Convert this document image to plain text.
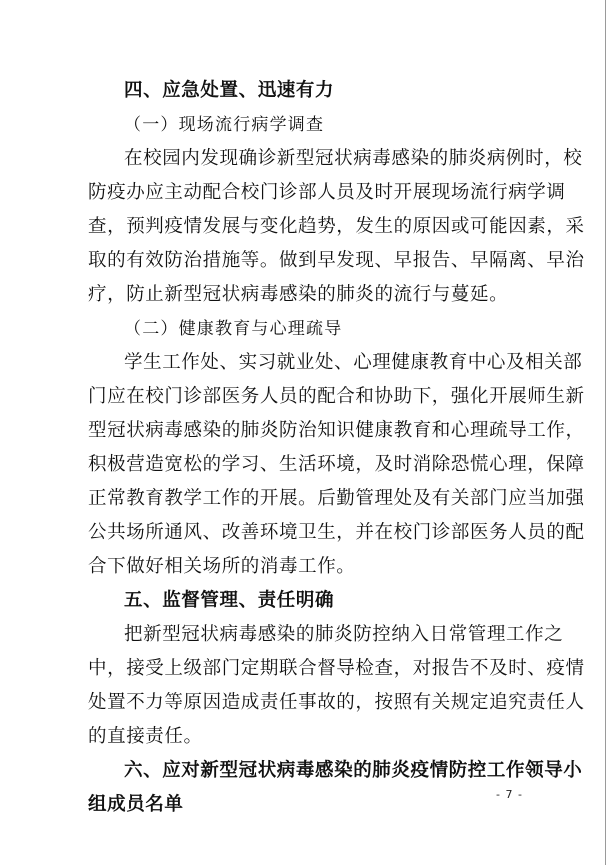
四、应急处置、迅速有力
（一）现场流行病学调查
在校园内发现确诊新型冠状病毒感染的肺炎病例时，校
防疫办应主动配合校门诊部人员及时开展现场流行病学调
查，预判疫情发展与变化趋势，发生的原因或可能因素，采
取的有效防治措施等。做到早发现、早报告、早隔离、早治
疗，防止新型冠状病毒感染的肺炎的流行与蔓延。
（二）健康教育与心理疏导
学生工作处、实习就业处、心理健康教育中心及相关部
门应在校门诊部医务人员的配合和协助下，强化开展师生新
型冠状病毒感染的肺炎防治知识健康教育和心理疏导工作，
积极营造宽松的学习、生活环境，及时消除恐慌心理，保障
正常教育教学工作的开展。后勤管理处及有关部门应当加强
公共场所通风、改善环境卫生，并在校门诊部医务人员的配
合下做好相关场所的消毒工作。
五、监督管理、责任明确
把新型冠状病毒感染的肺炎防控纳入日常管理工作之
中，接受上级部门定期联合督导检查，对报告不及时、疫情
处置不力等原因造成责任事故的，按照有关规定追究责任人
的直接责任。
六、应对新型冠状病毒感染的肺炎疫情防控工作领导小
组成员名单	- 7 -
